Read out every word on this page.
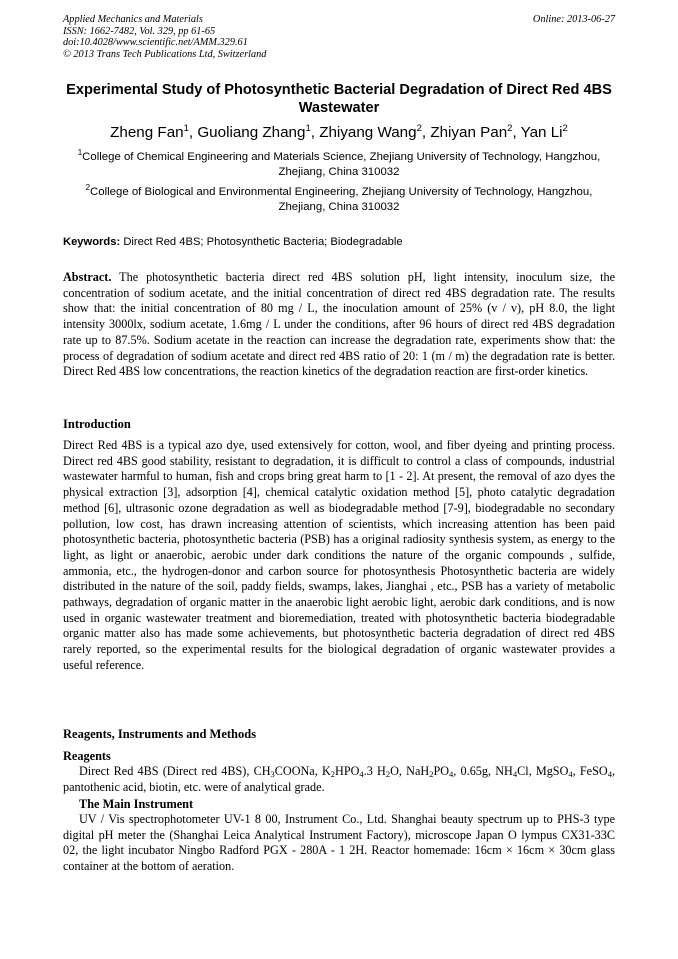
Applied Mechanics and Materials
ISSN: 1662-7482, Vol. 329, pp 61-65
doi:10.4028/www.scientific.net/AMM.329.61
© 2013 Trans Tech Publications Ltd, Switzerland
Online: 2013-06-27
Experimental Study of Photosynthetic Bacterial Degradation of Direct Red 4BS Wastewater
Zheng Fan$^1$, Guoliang Zhang$^1$, Zhiyang Wang$^2$, Zhiyan Pan$^2$, Yan Li$^2$
$^1$College of Chemical Engineering and Materials Science, Zhejiang University of Technology, Hangzhou, Zhejiang, China 310032
$^2$College of Biological and Environmental Engineering, Zhejiang University of Technology, Hangzhou, Zhejiang, China 310032
Keywords: Direct Red 4BS; Photosynthetic Bacteria; Biodegradable
Abstract. The photosynthetic bacteria direct red 4BS solution pH, light intensity, inoculum size, the concentration of sodium acetate, and the initial concentration of direct red 4BS degradation rate. The results show that: the initial concentration of 80 mg / L, the inoculation amount of 25% (v / v), pH 8.0, the light intensity 3000lx, sodium acetate, 1.6mg / L under the conditions, after 96 hours of direct red 4BS degradation rate up to 87.5%. Sodium acetate in the reaction can increase the degradation rate, experiments show that: the process of degradation of sodium acetate and direct red 4BS ratio of 20: 1 (m / m) the degradation rate is better. Direct Red 4BS low concentrations, the reaction kinetics of the degradation reaction are first-order kinetics.
Introduction
Direct Red 4BS is a typical azo dye, used extensively for cotton, wool, and fiber dyeing and printing process. Direct red 4BS good stability, resistant to degradation, it is difficult to control a class of compounds, industrial wastewater harmful to human, fish and crops bring great harm to [1 - 2]. At present, the removal of azo dyes the physical extraction [3], adsorption [4], chemical catalytic oxidation method [5], photo catalytic degradation method [6], ultrasonic ozone degradation as well as biodegradable method [7-9], biodegradable no secondary pollution, low cost, has drawn increasing attention of scientists, which increasing attention has been paid photosynthetic bacteria, photosynthetic bacteria (PSB) has a original radiosity synthesis system, as energy to the light, as light or anaerobic, aerobic under dark conditions the nature of the organic compounds , sulfide, ammonia, etc., the hydrogen-donor and carbon source for photosynthesis Photosynthetic bacteria are widely distributed in the nature of the soil, paddy fields, swamps, lakes, Jianghai , etc., PSB has a variety of metabolic pathways, degradation of organic matter in the anaerobic light aerobic light, aerobic dark conditions, and is now used in organic wastewater treatment and bioremediation, treated with photosynthetic bacteria biodegradable organic matter also has made some achievements, but photosynthetic bacteria degradation of direct red 4BS rarely reported, so the experimental results for the biological degradation of organic wastewater provides a useful reference.
Reagents, Instruments and Methods
Reagents
Direct Red 4BS (Direct red 4BS), $CH_3COONa$, $K_2HPO_4.3$ $H_2O$, $NaH_2PO_4$, 0.65g, $NH_4Cl$, MgSO$_4$, FeSO$_4$, pantothenic acid, biotin, etc. were of analytical grade.
The Main Instrument
UV / Vis spectrophotometer UV-1 8 00, Instrument Co., Ltd. Shanghai beauty spectrum up to PHS-3 type digital pH meter the (Shanghai Leica Analytical Instrument Factory), microscope Japan O lympus CX31-33C 02, the light incubator Ningbo Radford PGX - 280A - 1 2H. Reactor homemade: 16cm × 16cm × 30cm glass container at the bottom of aeration.
